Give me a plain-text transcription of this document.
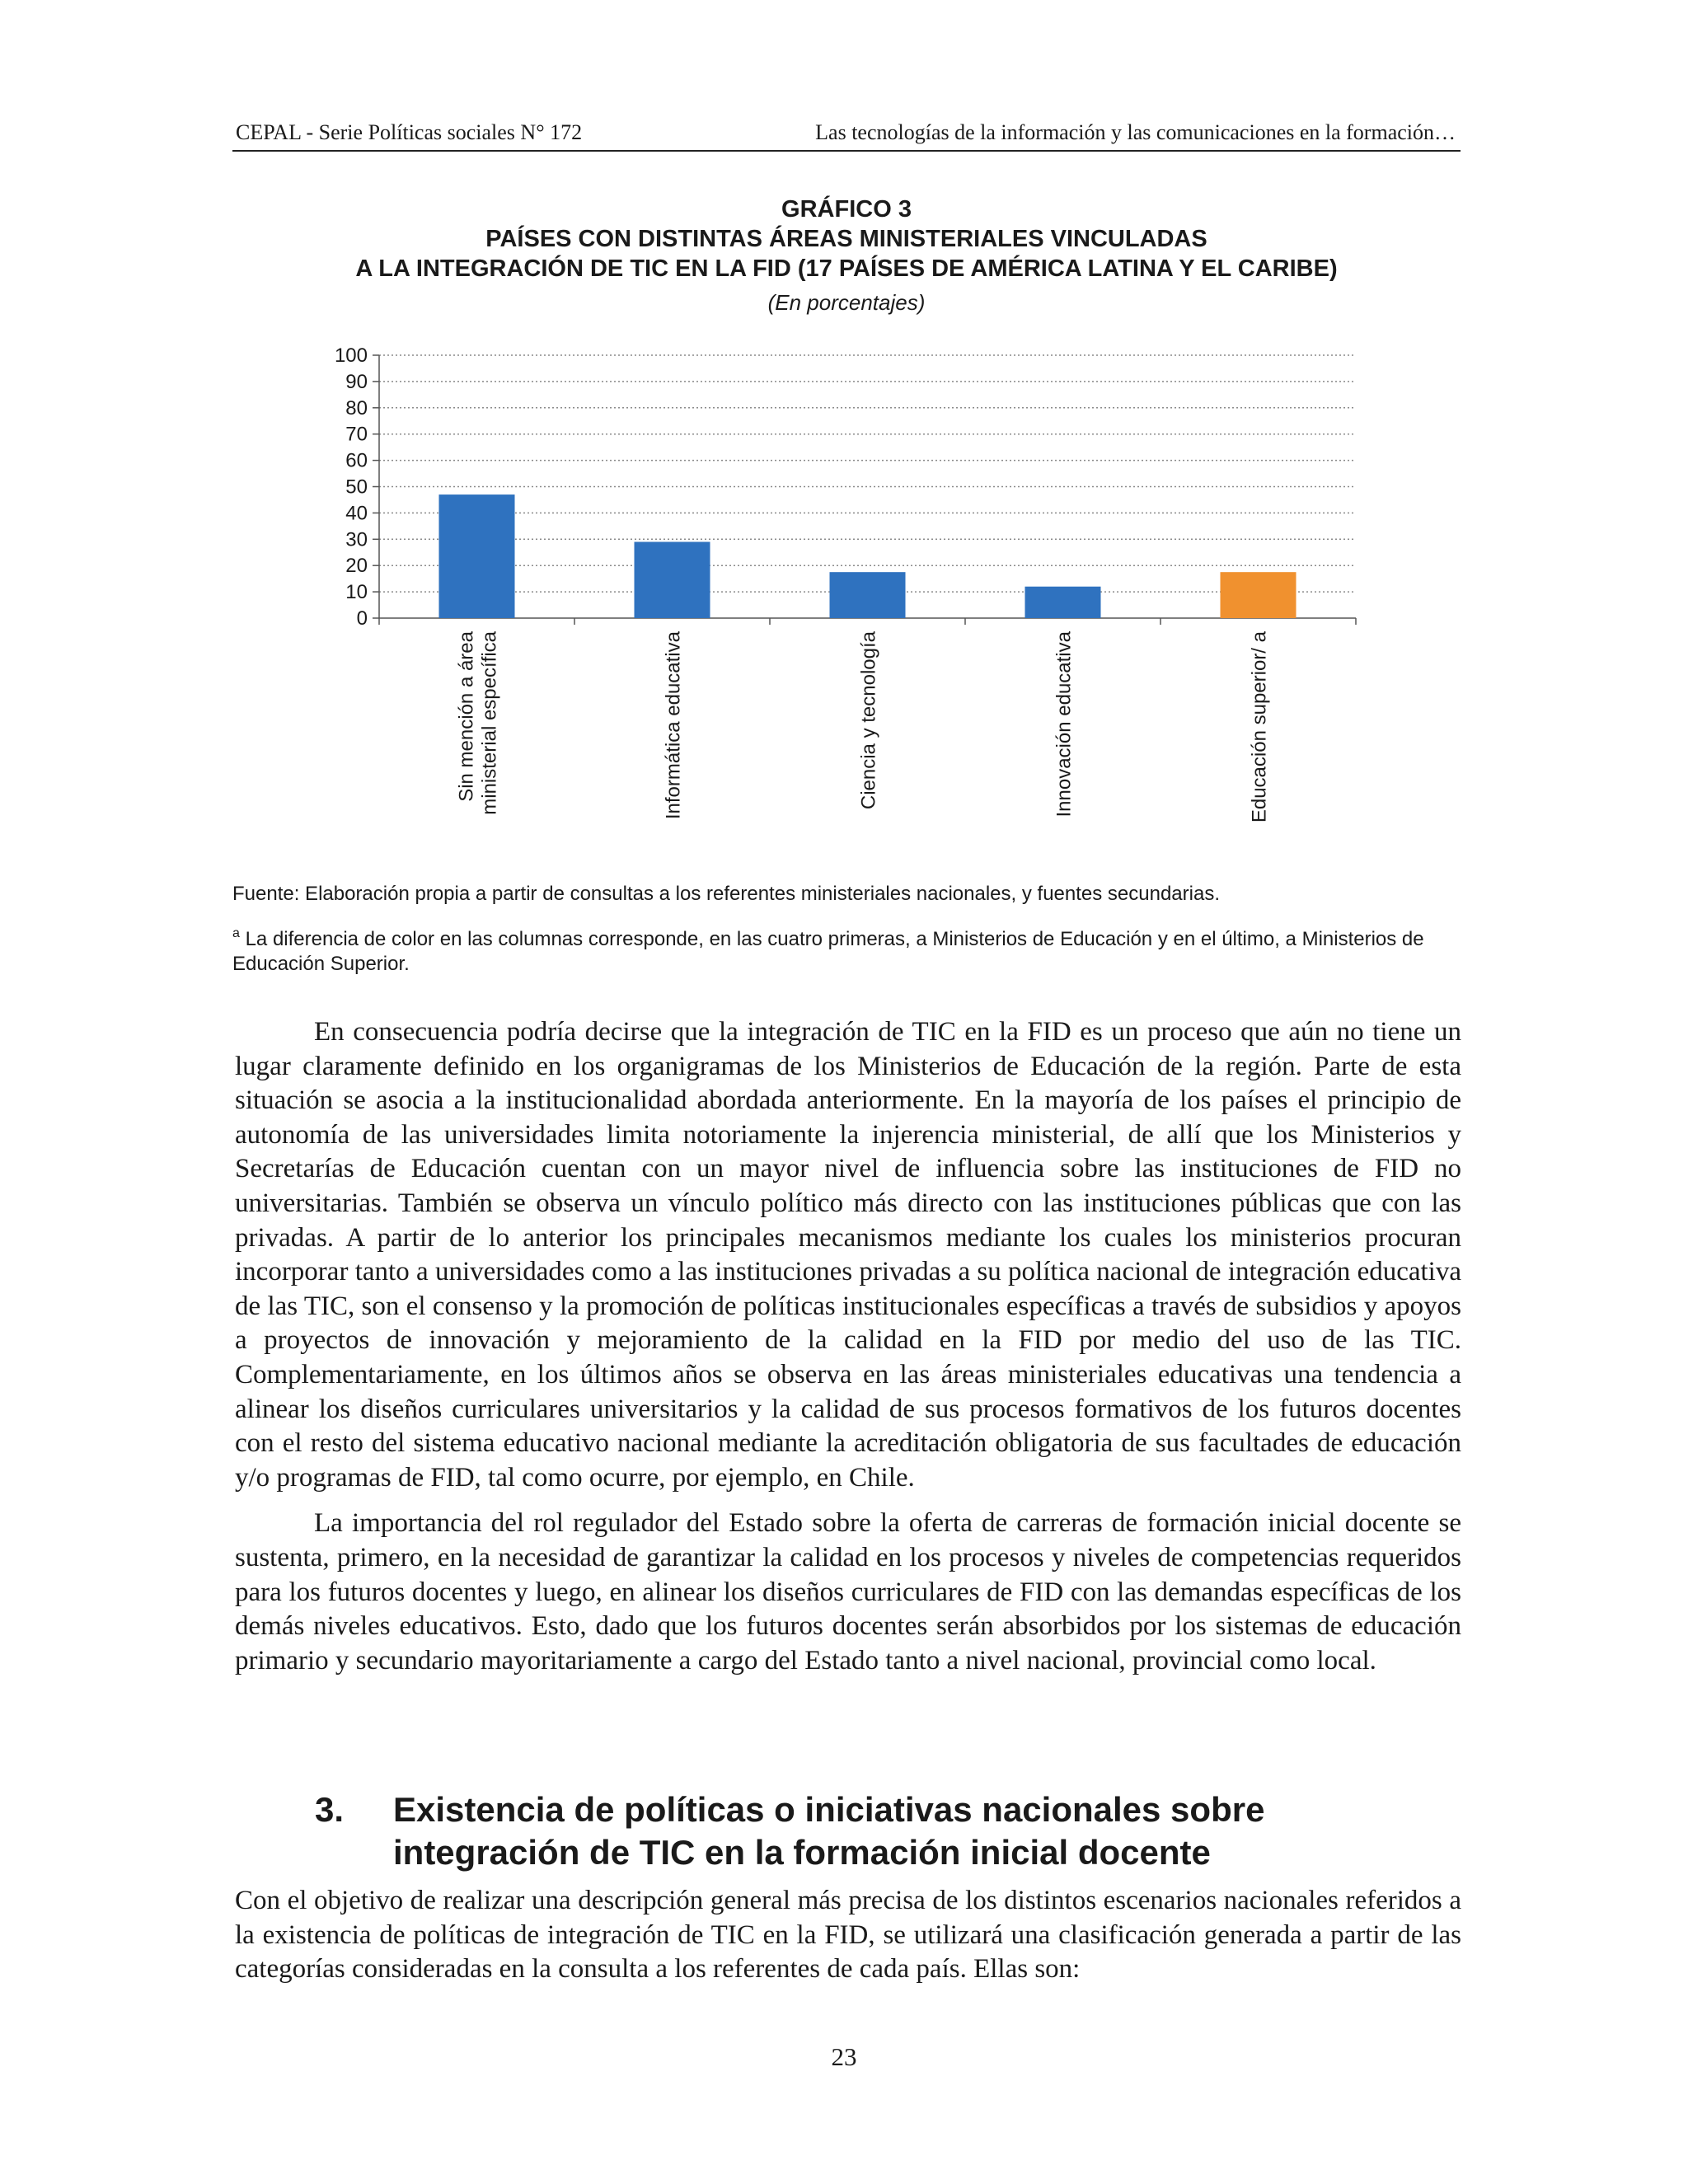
CEPAL - Serie Políticas sociales N° 172	Las tecnologías de la información y las comunicaciones en la formación…
GRÁFICO 3
PAÍSES CON DISTINTAS ÁREAS MINISTERIALES VINCULADAS
A LA INTEGRACIÓN DE TIC EN LA FID (17 PAÍSES DE AMÉRICA LATINA Y EL CARIBE)
(En porcentajes)
0
10
20
30
40
50
60
70
80
90
100
Sin mención a área ministerial específica	Informática educativa	Ciencia y tecnología	Innovación educativa	Educación superior/ a

Fuente: Elaboración propia a partir de consultas a los referentes ministeriales nacionales, y fuentes secundarias.

$^a$ La diferencia de color en las columnas corresponde, en las cuatro primeras, a Ministerios de Educación y en el último, a Ministerios de Educación Superior.

En consecuencia podría decirse que la integración de TIC en la FID es un proceso que aún no tiene un lugar claramente definido en los organigramas de los Ministerios de Educación de la región. Parte de esta situación se asocia a la institucionalidad abordada anteriormente. En la mayoría de los países el principio de autonomía de las universidades limita notoriamente la injerencia ministerial, de allí que los Ministerios y Secretarías de Educación cuentan con un mayor nivel de influencia sobre las instituciones de FID no universitarias. También se observa un vínculo político más directo con las instituciones públicas que con las privadas. A partir de lo anterior los principales mecanismos mediante los cuales los ministerios procuran incorporar tanto a universidades como a las instituciones privadas a su política nacional de integración educativa de las TIC, son el consenso y la promoción de políticas institucionales específicas a través de subsidios y apoyos a proyectos de innovación y mejoramiento de la calidad en la FID por medio del uso de las TIC. Complementariamente, en los últimos años se observa en las áreas ministeriales educativas una tendencia a alinear los diseños curriculares universitarios y la calidad de sus procesos formativos de los futuros docentes con el resto del sistema educativo nacional mediante la acreditación obligatoria de sus facultades de educación y/o programas de FID, tal como ocurre, por ejemplo, en Chile.

La importancia del rol regulador del Estado sobre la oferta de carreras de formación inicial docente se sustenta, primero, en la necesidad de garantizar la calidad en los procesos y niveles de competencias requeridos para los futuros docentes y luego, en alinear los diseños curriculares de FID con las demandas específicas de los demás niveles educativos. Esto, dado que los futuros docentes serán absorbidos por los sistemas de educación primario y secundario mayoritariamente a cargo del Estado tanto a nivel nacional, provincial como local.

3. Existencia de políticas o iniciativas nacionales sobre integración de TIC en la formación inicial docente

Con el objetivo de realizar una descripción general más precisa de los distintos escenarios nacionales referidos a la existencia de políticas de integración de TIC en la FID, se utilizará una clasificación generada a partir de las categorías consideradas en la consulta a los referentes de cada país. Ellas son:

23
